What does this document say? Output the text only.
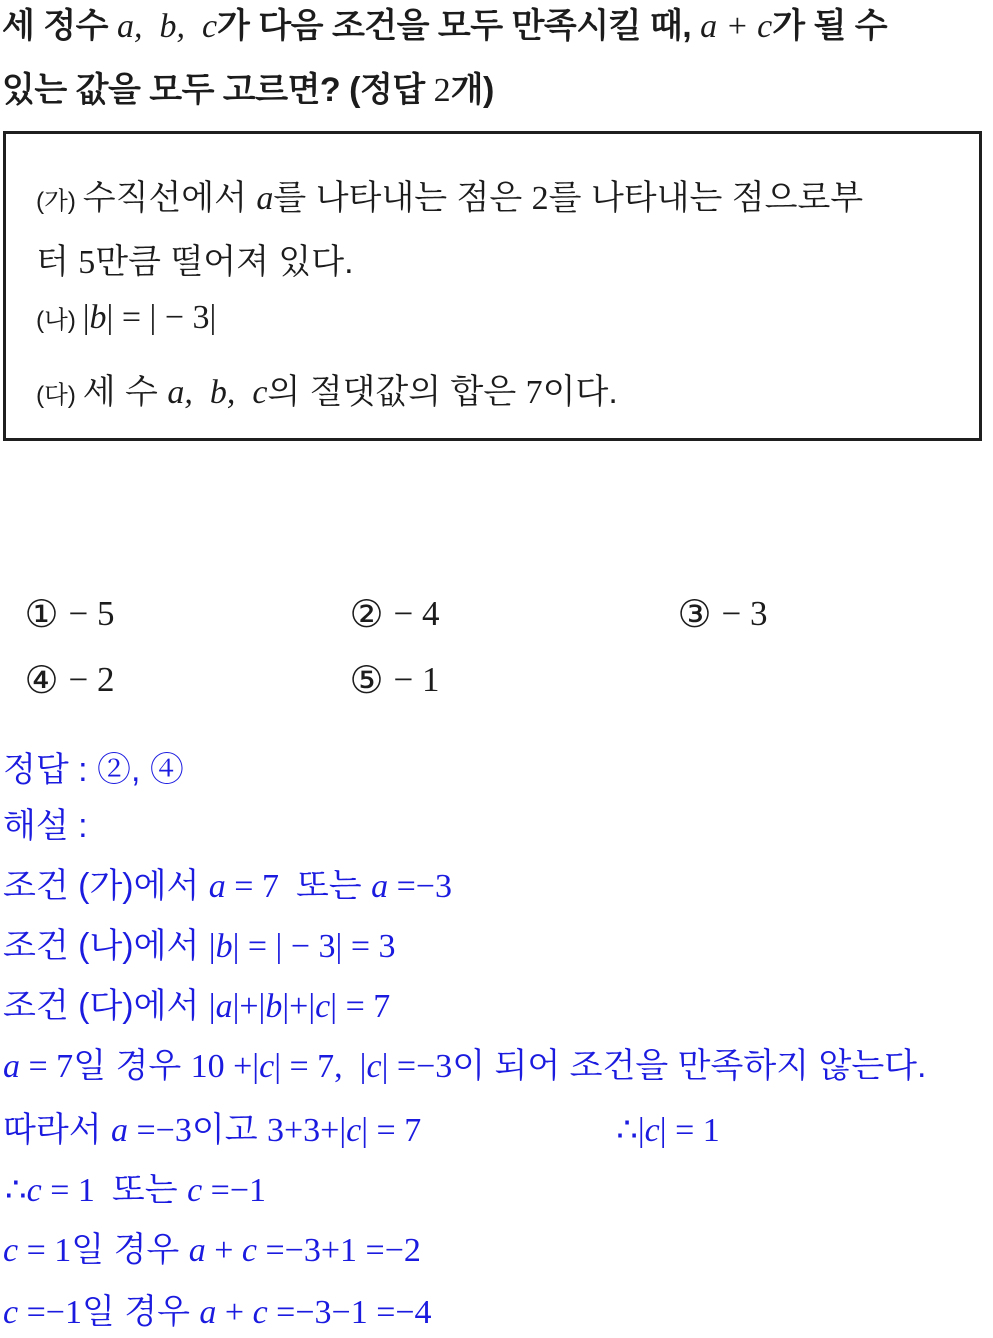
세 정수 a,  b,  c가 다음 조건을 모두 만족시킬 때, a + c가 될 수
있는 값을 모두 고르면? (정답 2개)
(가) 수직선에서 a를 나타내는 점은 2를 나타내는 점으로부
터 5만큼 떨어져 있다.
(나) |b| = | − 3|
(다) 세 수 a,  b,  c의 절댓값의 합은 7이다.

① − 5	② − 4	③ − 3

④ − 2	⑤ − 1

정답 : ②, ④
해설 :
조건 (가)에서 a = 7  또는 a =−3
조건 (나)에서 |b| = | − 3| = 3
조건 (다)에서 |a|+|b|+|c| = 7
a = 7일 경우 10 +|c| = 7,  |c| =−3이 되어 조건을 만족하지 않는다.
따라서 a =−3이고 3+3+|c| = 7	∴|c| = 1
∴c = 1  또는 c =−1
c = 1일 경우 a + c =−3+1 =−2
c =−1일 경우 a + c =−3−1 =−4
